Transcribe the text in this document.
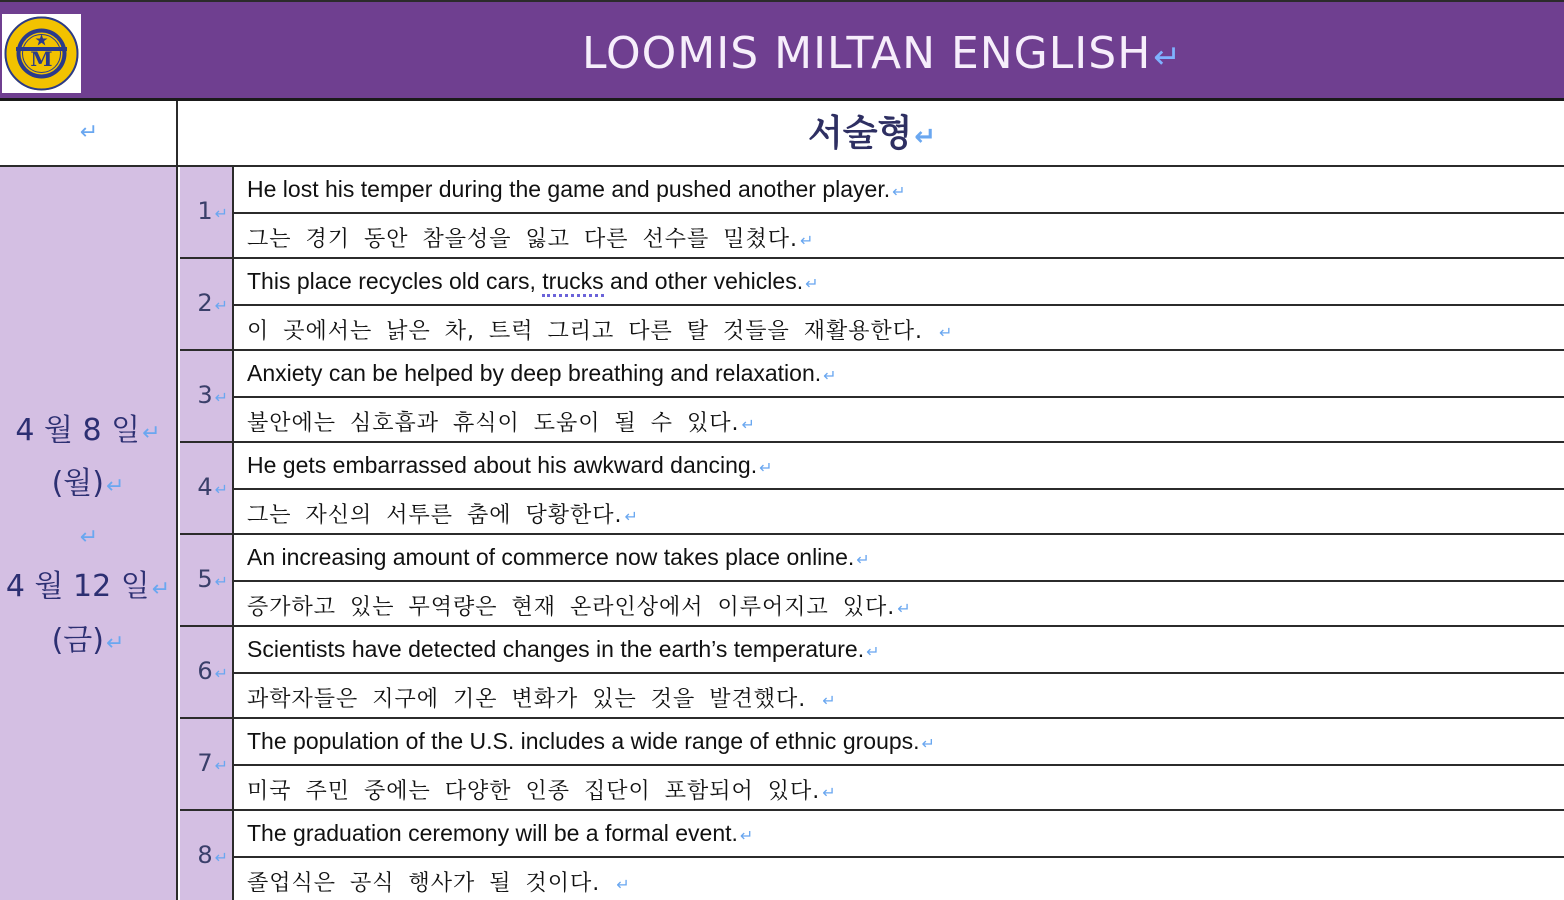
M	LOOMIS MILTAN ENGLISH↵
↵	서술형↵
4 월 8 일↵
(월)↵
↵
4 월 12 일↵
(금)↵
1 ↵
2 ↵
3 ↵
4 ↵
5 ↵
6 ↵
7 ↵
8 ↵
He lost his temper during the game and pushed another player. ↵
그는 경기 동안 참을성을 잃고 다른 선수를 밀쳤다. ↵
This place recycles old cars, trucks and other vehicles. ↵
이 곳에서는 낡은 차, 트럭 그리고 다른 탈 것들을 재활용한다. ↵
Anxiety can be helped by deep breathing and relaxation. ↵
불안에는 심호흡과 휴식이 도움이 될 수 있다. ↵
He gets embarrassed about his awkward dancing. ↵
그는 자신의 서투른 춤에 당황한다. ↵
An increasing amount of commerce now takes place online. ↵
증가하고 있는 무역량은 현재 온라인상에서 이루어지고 있다. ↵
Scientists have detected changes in the earth’s temperature. ↵
과학자들은 지구에 기온 변화가 있는 것을 발견했다. ↵
The population of the U.S. includes a wide range of ethnic groups. ↵
미국 주민 중에는 다양한 인종 집단이 포함되어 있다. ↵
The graduation ceremony will be a formal event. ↵
졸업식은 공식 행사가 될 것이다. ↵
